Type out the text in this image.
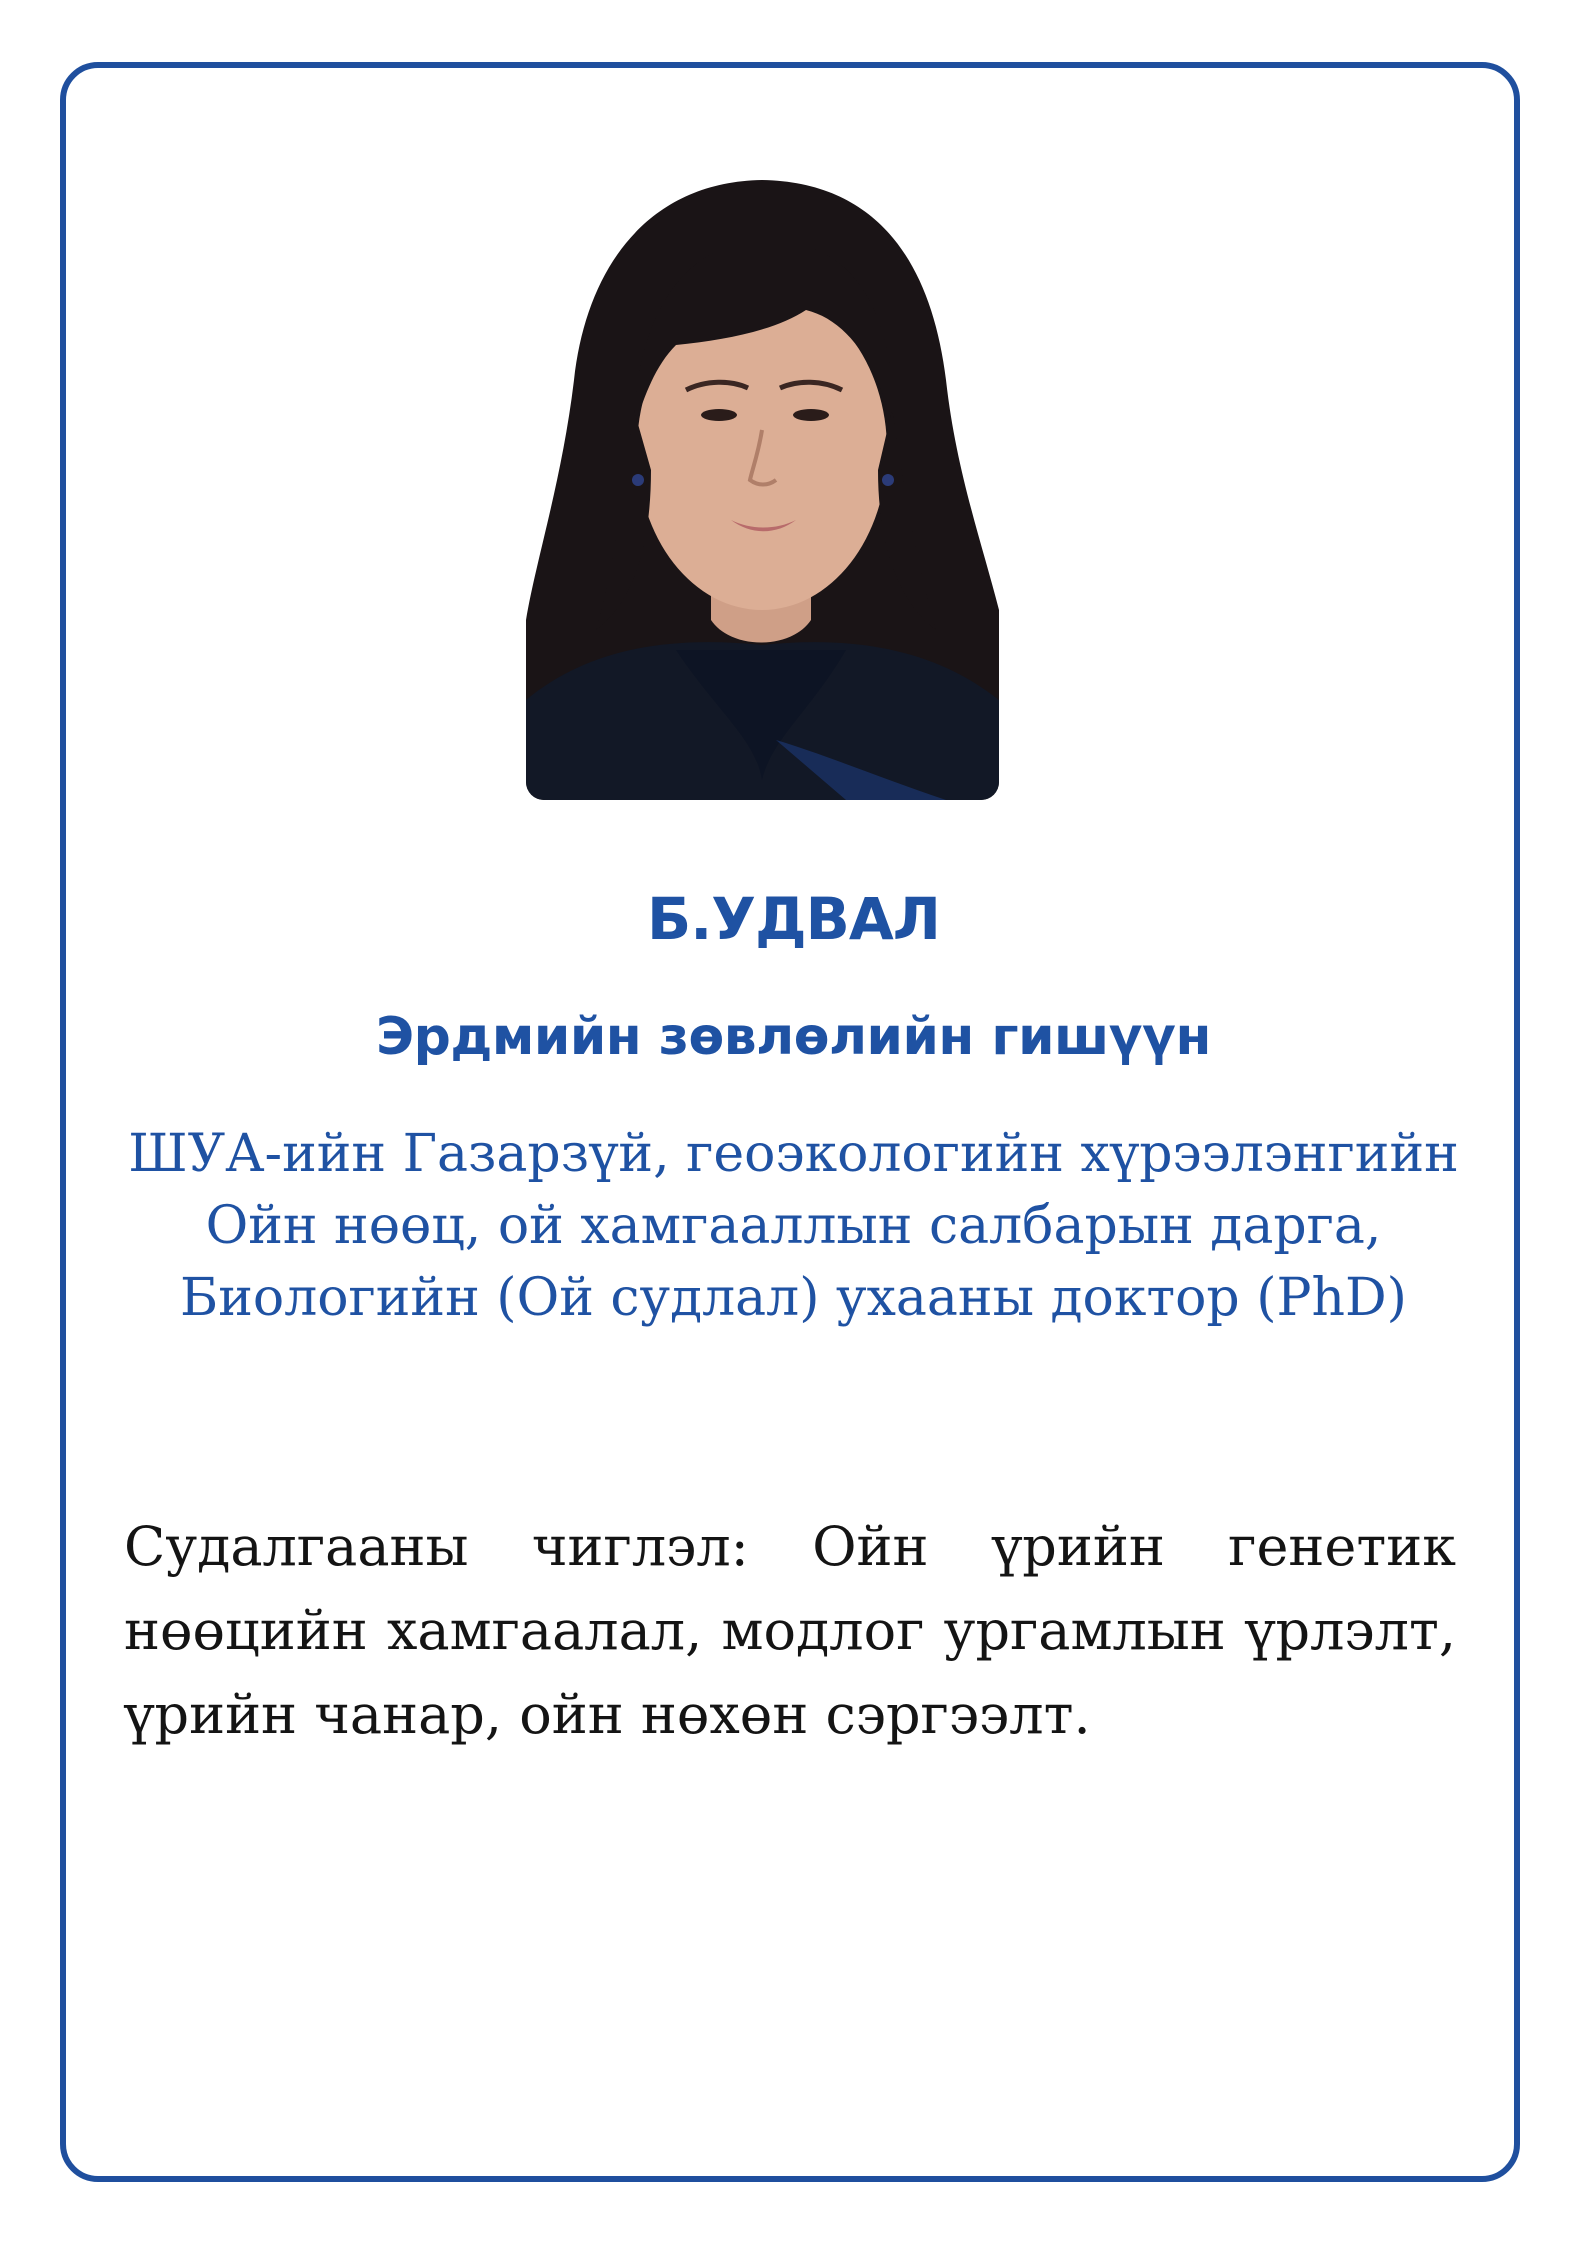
Б.УДВАЛ
Эрдмийн зөвлөлийн гишүүн
ШУА-ийн Газарзүй, геоэкологийн хүрээлэнгийн Ойн нөөц, ой хамгааллын салбарын дарга, Биологийн (Ой судлал) ухааны доктор (PhD)
Судалгааны чиглэл: Ойн үрийн генетик нөөцийн хамгаалал, модлог ургамлын үрлэлт, үрийн чанар, ойн нөхөн сэргээлт.
